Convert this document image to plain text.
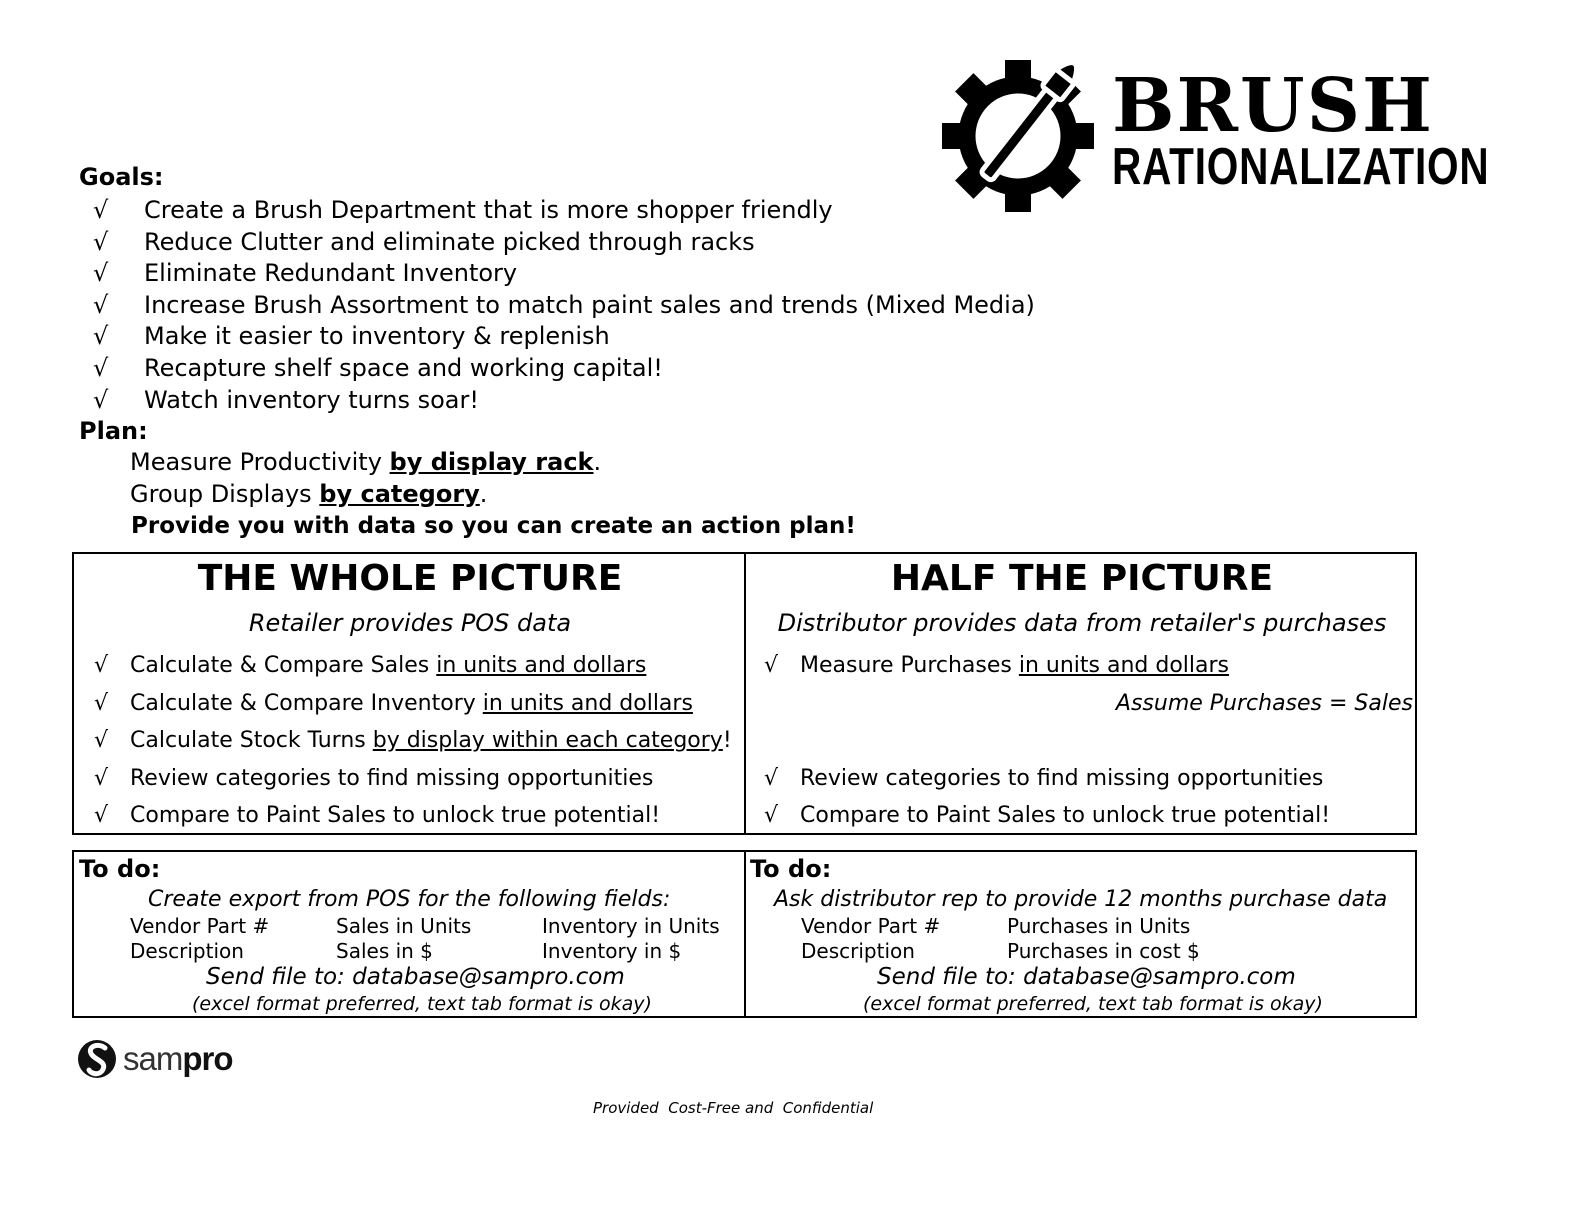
BRUSH
RATIONALIZATION
Goals:
√ Create a Brush Department that is more shopper friendly
√ Reduce Clutter and eliminate picked through racks
√ Eliminate Redundant Inventory
√ Increase Brush Assortment to match paint sales and trends (Mixed Media)
√ Make it easier to inventory & replenish
√ Recapture shelf space and working capital!
√ Watch inventory turns soar!
Plan:
Measure Productivity by display rack.
Group Displays by category.
Provide you with data so you can create an action plan!
THE WHOLE PICTURE
Retailer provides POS data
√ Calculate & Compare Sales in units and dollars
√ Calculate & Compare Inventory in units and dollars
√ Calculate Stock Turns by display within each category!
√ Review categories to find missing opportunities
√ Compare to Paint Sales to unlock true potential!
HALF THE PICTURE
Distributor provides data from retailer's purchases
√ Measure Purchases in units and dollars
Assume Purchases = Sales
√ Review categories to find missing opportunities
√ Compare to Paint Sales to unlock true potential!
To do:
Create export from POS for the following fields:
Vendor Part #	Sales in Units	Inventory in Units
Description	Sales in $	Inventory in $
Send file to: database@sampro.com
(excel format preferred, text tab format is okay)
To do:
Ask distributor rep to provide 12 months purchase data
Vendor Part #	Purchases in Units
Description	Purchases in cost $
Send file to: database@sampro.com
(excel format preferred, text tab format is okay)
sampro
Provided  Cost-Free and  Confidential
